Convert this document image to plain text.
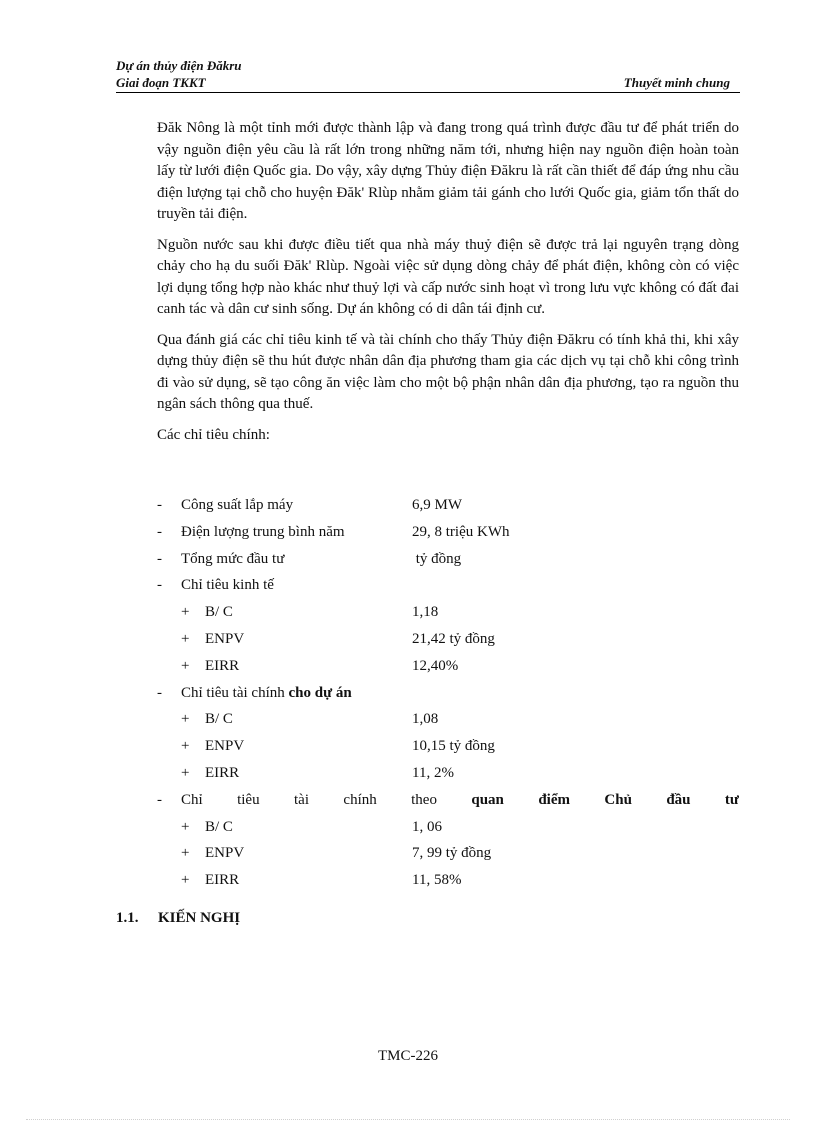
Dự án thủy điện Đăkru
Giai đoạn TKKT	Thuyết minh chung

Đăk Nông là một tỉnh mới được thành lập và đang trong quá trình được đầu tư để phát triển do vậy nguồn điện yêu cầu là rất lớn trong những năm tới, nhưng hiện nay nguồn điện hoàn toàn lấy từ lưới điện Quốc gia. Do vậy, xây dựng Thủy điện Đăkru là rất cần thiết để đáp ứng nhu cầu điện lượng tại chỗ cho huyện Đăk' Rlùp nhằm giảm tải gánh cho lưới Quốc gia, giảm tổn thất do truyền tải điện.

Nguồn nước sau khi được điều tiết qua nhà máy thuỷ điện sẽ được trả lại nguyên trạng dòng chảy cho hạ du suối Đăk' Rlùp. Ngoài việc sử dụng dòng chảy để phát điện, không còn có việc lợi dụng tổng hợp nào khác như thuỷ lợi và cấp nước sinh hoạt vì trong lưu vực không có đất đai canh tác và dân cư sinh sống. Dự án không có di dân tái định cư.

Qua đánh giá các chỉ tiêu kinh tế và tài chính cho thấy Thủy điện Đăkru có tính khả thi, khi xây dựng thủy điện sẽ thu hút được nhân dân địa phương tham gia các dịch vụ tại chỗ khi công trình đi vào sử dụng, sẽ tạo công ăn việc làm cho một bộ phận nhân dân địa phương, tạo ra nguồn thu ngân sách thông qua thuế.

Các chỉ tiêu chính:

- Công suất lắp máy	6,9 MW
- Điện lượng trung bình năm	29, 8 triệu KWh
- Tổng mức đầu tư	tỷ đồng
- Chỉ tiêu kinh tế
+ B/ C	1,18
+ ENPV	21,42 tỷ đồng
+ EIRR	12,40%
- Chỉ tiêu tài chính cho dự án
+ B/ C	1,08
+ ENPV	10,15 tỷ đồng
+ EIRR	11, 2%
- Chỉ tiêu tài chính theo quan điểm Chủ đầu tư
+ B/ C	1, 06
+ ENPV	7, 99 tỷ đồng
+ EIRR	11, 58%
1.1. KIẾN NGHỊ
TMC-226
